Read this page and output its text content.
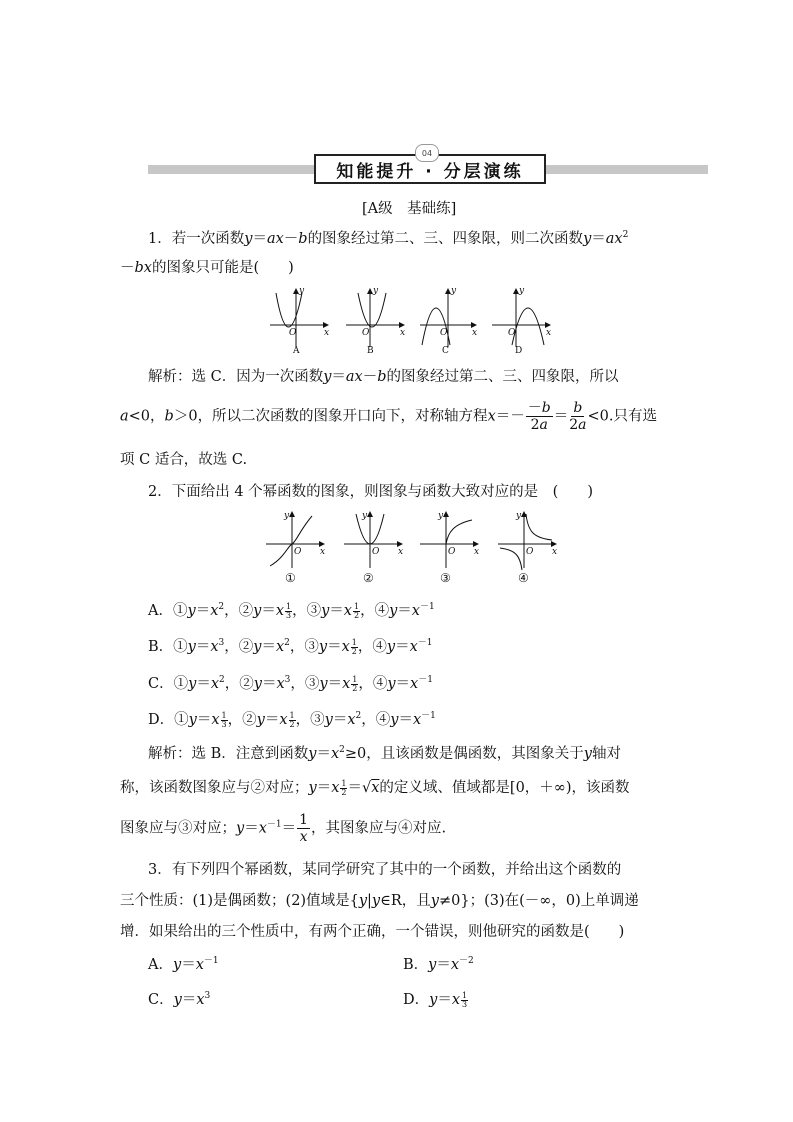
知能提升 · 分层演练
04
[A级　基础练]
1．若一次函数y＝ax－b的图象经过第二、三、四象限，则二次函数$y=ax^2$
－bx的图象只可能是(　　)
y
x
O
y
x
O
y
x
O
y
x
O
A	B	C	D
解析：选 C．因为一次函数y＝ax－b的图象经过第二、三、四象限，所以
a<0，b＞0，所以二次函数的图象开口向下，对称轴方程$x=- \frac{-b}{2a} = \frac{b}{2a} <0$.只有选
项 C 适合，故选 C.
2．下面给出 4 个幂函数的图象，则图象与函数大致对应的是　(　　)
y
x
O
y
x
O
y
x
O
y
x
O
①	②	③	④
A．$①y=x^2$，②y＝x $\frac{1}{3}$ ，③y＝x $\frac{1}{2}$ ，$④y=x^{-1}$
B．$①y=x^3$，$②y=x^2$，③y＝x $\frac{1}{2}$ ，$④y=x^{-1}$
C．$①y=x^2$，$②y=x^3$，③y＝x $\frac{1}{2}$ ，$④y=x^{-1}$
D．①y＝x $\frac{1}{3}$ ，②y＝x $\frac{1}{2}$ ，$③y=x^2$，$④y=x^{-1}$
解析：选 B．注意到函数$y=x^2\ge 0$，且该函数是偶函数，其图象关于y轴对
称，该函数图象应与②对应；$y=x \frac{1}{2} =√x$的定义域、值域都是[0，＋∞)，该函数
图象应与③对应；$y=x^{-1}= \frac{1}{x}$ ，其图象应与④对应.
3．有下列四个幂函数，某同学研究了其中的一个函数，并给出这个函数的
三个性质：(1)是偶函数；(2)值域是{y|y∈R，且y≠0}；(3)在(－∞，0)上单调递
增．如果给出的三个性质中，有两个正确，一个错误，则他研究的函数是(　　)
A．$y=x^{-1}$	B．$y=x^{-2}$
C．$y=x^3$	D．$y=x \frac{1}{3}$
